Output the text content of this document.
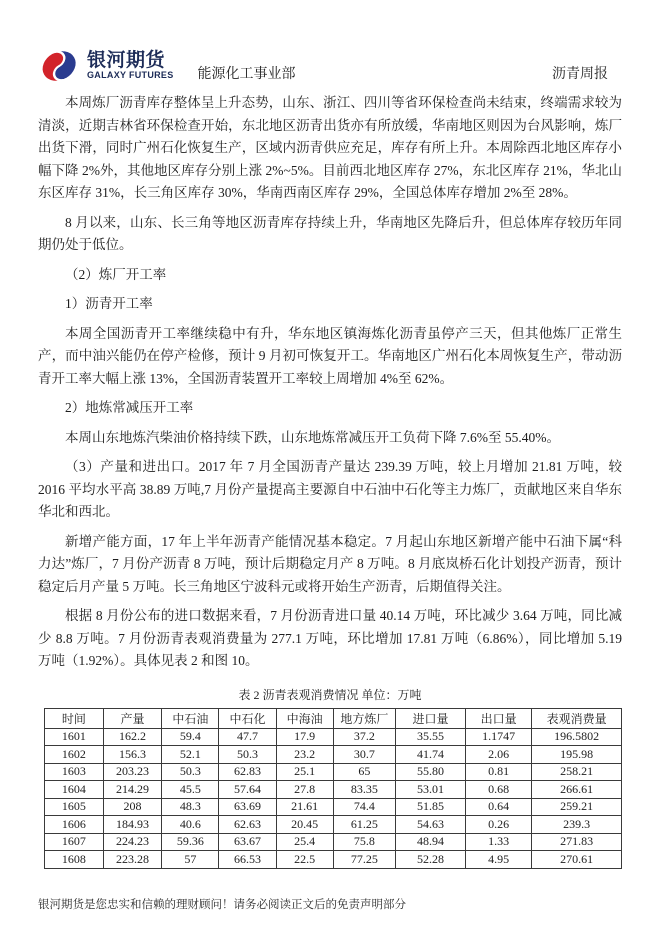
银河期货
GALAXY FUTURES 能源化工事业部	沥青周报

本周炼厂沥青库存整体呈上升态势，山东、浙江、四川等省环保检查尚未结束，终端需求较为清淡，近期吉林省环保检查开始，东北地区沥青出货亦有所放缓，华南地区则因为台风影响，炼厂出货下滑，同时广州石化恢复生产，区域内沥青供应充足，库存有所上升。本周除西北地区库存小幅下降 2%外，其他地区库存分别上涨 2%~5%。目前西北地区库存 27%，东北区库存 21%，华北山东区库存 31%，长三角区库存 30%，华南西南区库存 29%，全国总体库存增加 2%至 28%。

8 月以来，山东、长三角等地区沥青库存持续上升，华南地区先降后升，但总体库存较历年同期仍处于低位。

（2）炼厂开工率

1）沥青开工率

本周全国沥青开工率继续稳中有升，华东地区镇海炼化沥青虽停产三天，但其他炼厂正常生产，而中油兴能仍在停产检修，预计 9 月初可恢复开工。华南地区广州石化本周恢复生产，带动沥青开工率大幅上涨 13%，全国沥青装置开工率较上周增加 4%至 62%。

2）地炼常减压开工率

本周山东地炼汽柴油价格持续下跌，山东地炼常减压开工负荷下降 7.6%至 55.40%。

（3）产量和进出口。2017 年 7 月全国沥青产量达 239.39 万吨，较上月增加 21.81 万吨，较 2016 平均水平高 38.89 万吨,7 月份产量提高主要源自中石油中石化等主力炼厂，贡献地区来自华东华北和西北。

新增产能方面，17 年上半年沥青产能情况基本稳定。7 月起山东地区新增产能中石油下属“科力达”炼厂，7 月份产沥青 8 万吨，预计后期稳定月产 8 万吨。8 月底岚桥石化计划投产沥青，预计稳定后月产量 5 万吨。长三角地区宁波科元或将开始生产沥青，后期值得关注。

根据 8 月份公布的进口数据来看，7 月份沥青进口量 40.14 万吨，环比减少 3.64 万吨，同比减少 8.8 万吨。7 月份沥青表观消费量为 277.1 万吨，环比增加 17.81 万吨（6.86%），同比增加 5.19 万吨（1.92%）。具体见表 2 和图 10。

表 2 沥青表观消费情况 单位：万吨
时间	产量	中石油	中石化	中海油	地方炼厂	进口量	出口量	表观消费量
1601	162.2	59.4	47.7	17.9	37.2	35.55	1.1747	196.5802
1602	156.3	52.1	50.3	23.2	30.7	41.74	2.06	195.98
1603	203.23	50.3	62.83	25.1	65	55.80	0.81	258.21
1604	214.29	45.5	57.64	27.8	83.35	53.01	0.68	266.61
1605	208	48.3	63.69	21.61	74.4	51.85	0.64	259.21
1606	184.93	40.6	62.63	20.45	61.25	54.63	0.26	239.3
1607	224.23	59.36	63.67	25.4	75.8	48.94	1.33	271.83
1608	223.28	57	66.53	22.5	77.25	52.28	4.95	270.61
银河期货是您忠实和信赖的理财顾问！请务必阅读正文后的免责声明部分
